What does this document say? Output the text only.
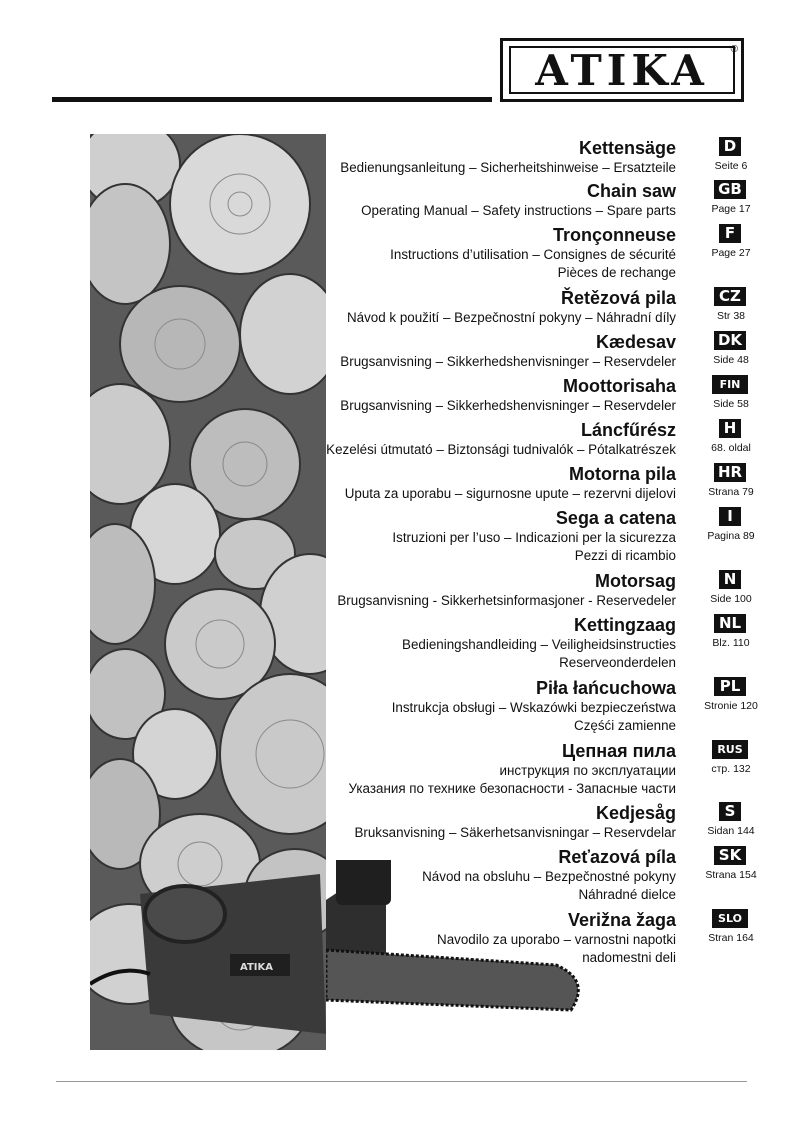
ATIKA ®
ATIKA
Kettensäge
Bedienungsanleitung – Sicherheitshinweise – Ersatzteile
D
Seite 6
Chain saw
Operating Manual – Safety instructions – Spare parts
GB
Page 17
Tronçonneuse
Instructions d’utilisation – Consignes de sécurité
Pièces de rechange
F
Page 27
Řetězová pila
Návod k použití – Bezpečnostní pokyny – Náhradní díly
CZ
Str 38
Kædesav
Brugsanvisning – Sikkerhedshenvisninger – Reservdeler
DK
Side 48
Moottorisaha
Brugsanvisning – Sikkerhedshenvisninger – Reservdeler
FIN
Side 58
Láncfűrész
Kezelési útmutató – Biztonsági tudnivalók – Pótalkatrészek
H
68. oldal
Motorna pila
Uputa za uporabu – sigurnosne upute – rezervni dijelovi
HR
Strana 79
Sega a catena
Istruzioni per l’uso – Indicazioni per la sicurezza
Pezzi di ricambio
I
Pagina 89
Motorsag
Brugsanvisning - Sikkerhetsinformasjoner - Reservedeler
N
Side 100
Kettingzaag
Bedieningshandleiding – Veiligheidsinstructies
Reserveonderdelen
NL
Blz. 110
Piła łańcuchowa
Instrukcja obsługi – Wskazówki bezpieczeństwa
Częśći zamienne
PL
Stronie 120
Цепная пила
инструкция по эксплуатации
Указания по технике безопасности - Запасные части
RUS
стр. 132
Kedjesåg
Bruksanvisning – Säkerhetsanvisningar – Reservdelar
S
Sidan 144
Reťazová píla
Návod na obsluhu – Bezpečnostné pokyny
Náhradné dielce
SK
Strana 154
Verižna žaga
Navodilo za uporabo – varnostni napotki
nadomestni deli
SLO
Stran 164
